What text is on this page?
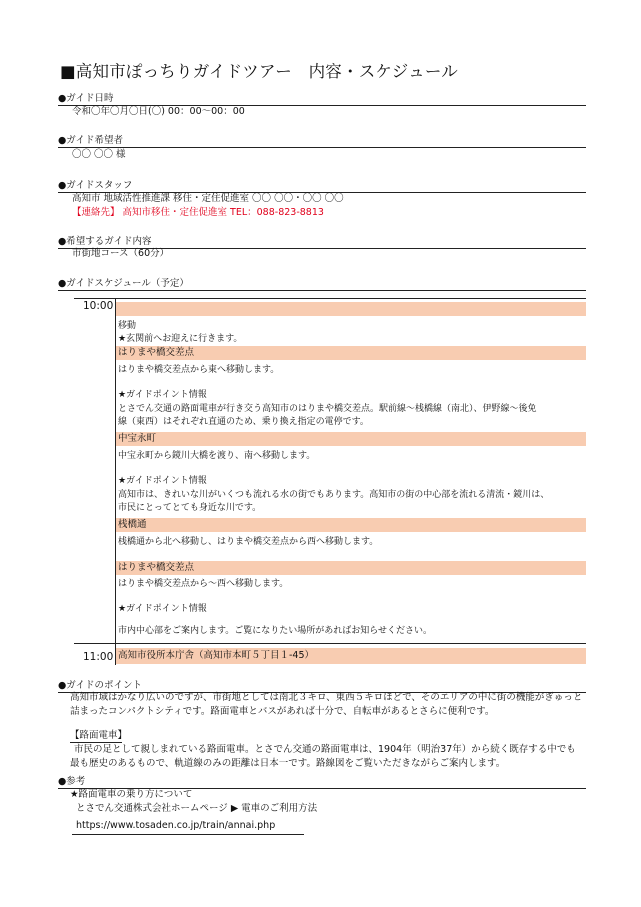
■高知市ぽっちりガイドツアー　内容・スケジュール
●ガイド日時
令和〇年〇月〇日(〇) 00：00～00：00
●ガイド希望者
〇〇 〇〇 様
●ガイドスタッフ
高知市 地域活性推進課 移住・定住促進室 〇〇 〇〇・〇〇 〇〇
【連絡先】 高知市移住・定住促進室 TEL：088-823-8813
●希望するガイド内容
市街地コース（60分）
●ガイドスケジュール（予定）
10:00
移動
★玄関前へお迎えに行きます。
はりまや橋交差点
はりまや橋交差点から東へ移動します。
★ガイドポイント情報
とさでん交通の路面電車が行き交う高知市のはりまや橋交差点。駅前線～桟橋線（南北）、伊野線～後免
線（東西）はそれぞれ直通のため、乗り換え指定の電停です。
中宝永町
中宝永町から鏡川大橋を渡り、南へ移動します。
★ガイドポイント情報
高知市は、きれいな川がいくつも流れる水の街でもあります。高知市の街の中心部を流れる清流・鏡川は、
市民にとってとても身近な川です。
桟橋通
桟橋通から北へ移動し、はりまや橋交差点から西へ移動します。
はりまや橋交差点
はりまや橋交差点から〜西へ移動します。
★ガイドポイント情報
市内中心部をご案内します。ご覧になりたい場所があればお知らせください。
11:00 高知市役所本庁舎（高知市本町５丁目１-45）
●ガイドのポイント
高知市域はかなり広いのですが、市街地としては南北３キロ、東西５キロほどで、そのエリアの中に街の機能がぎゅっと
詰まったコンパクトシティです。路面電車とバスがあれば十分で、自転車があるとさらに便利です。
【路面電車】
市民の足として親しまれている路面電車。とさでん交通の路面電車は、1904年（明治37年）から続く既存する中でも
最も歴史のあるもので、軌道線のみの距離は日本一です。路線図をご覧いただきながらご案内します。
●参考
★路面電車の乗り方について
とさでん交通株式会社ホームページ ▶ 電車のご利用方法
https://www.tosaden.co.jp/train/annai.php
